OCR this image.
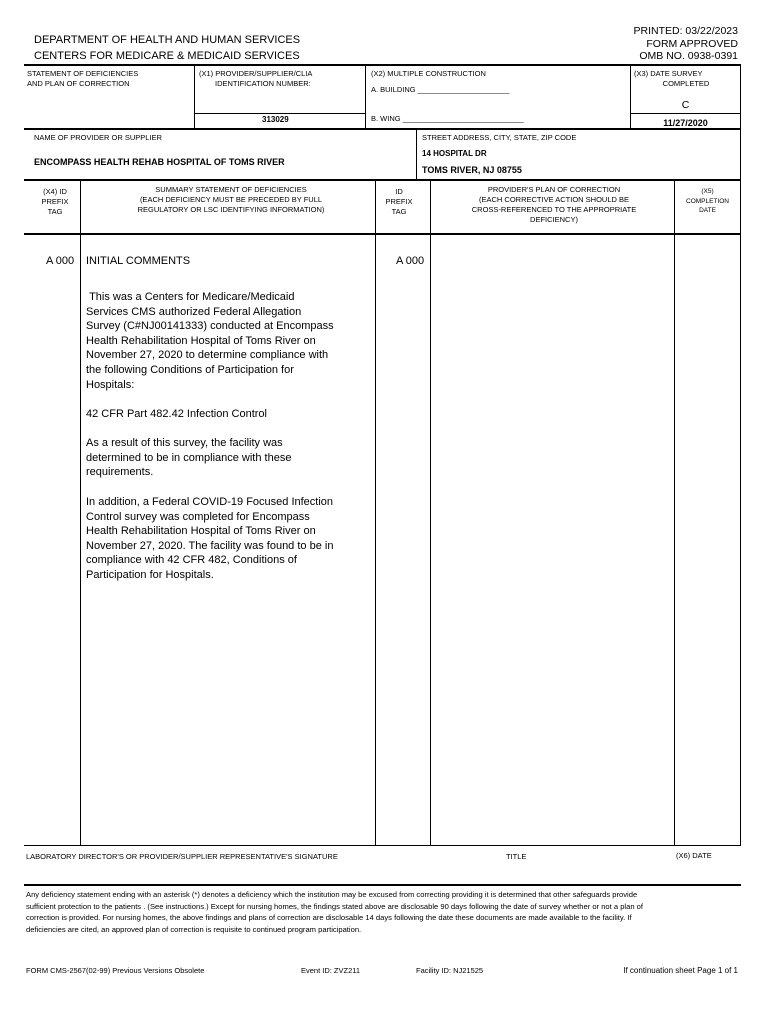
DEPARTMENT OF HEALTH AND HUMAN SERVICES
CENTERS FOR MEDICARE & MEDICAID SERVICES
PRINTED: 03/22/2023
FORM APPROVED
OMB NO. 0938-0391
STATEMENT OF DEFICIENCIES
AND PLAN OF CORRECTION
(X1) PROVIDER/SUPPLIER/CLIA
IDENTIFICATION NUMBER:
313029
(X2) MULTIPLE CONSTRUCTION
A. BUILDING ______________________
B. WING _____________________________
(X3) DATE SURVEY
COMPLETED
C
11/27/2020
NAME OF PROVIDER OR SUPPLIER
ENCOMPASS HEALTH REHAB HOSPITAL OF TOMS RIVER
STREET ADDRESS, CITY, STATE, ZIP CODE
14 HOSPITAL DR
TOMS RIVER, NJ 08755
(X4) ID
PREFIX
TAG
SUMMARY STATEMENT OF DEFICIENCIES
(EACH DEFICIENCY MUST BE PRECEDED BY FULL
REGULATORY OR LSC IDENTIFYING INFORMATION)
ID
PREFIX
TAG
PROVIDER'S PLAN OF CORRECTION
(EACH CORRECTIVE ACTION SHOULD BE
CROSS-REFERENCED TO THE APPROPRIATE
DEFICIENCY)
(X5)
COMPLETION
DATE
A 000 INITIAL COMMENTS	A 000
This was a Centers for Medicare/Medicaid Services CMS authorized Federal Allegation Survey (C#NJ00141333) conducted at Encompass Health Rehabilitation Hospital of Toms River on November 27, 2020 to determine compliance with the following Conditions of Participation for Hospitals:
42 CFR Part 482.42 Infection Control
As a result of this survey, the facility was determined to be in compliance with these requirements.
In addition, a Federal COVID-19 Focused Infection Control survey was completed for Encompass Health Rehabilitation Hospital of Toms River on November 27, 2020. The facility was found to be in compliance with 42 CFR 482, Conditions of Participation for Hospitals.
LABORATORY DIRECTOR'S OR PROVIDER/SUPPLIER REPRESENTATIVE'S SIGNATURE	TITLE	(X6) DATE
Any deficiency statement ending with an asterisk (*) denotes a deficiency which the institution may be excused from correcting providing it is determined that other safeguards provide sufficient protection to the patients . (See instructions.) Except for nursing homes, the findings stated above are disclosable 90 days following the date of survey whether or not a plan of correction is provided. For nursing homes, the above findings and plans of correction are disclosable 14 days following the date these documents are made available to the facility. If deficiencies are cited, an approved plan of correction is requisite to continued program participation.
FORM CMS-2567(02-99) Previous Versions Obsolete	Event ID: ZVZ211	Facility ID: NJ21525	If continuation sheet Page 1 of 1
